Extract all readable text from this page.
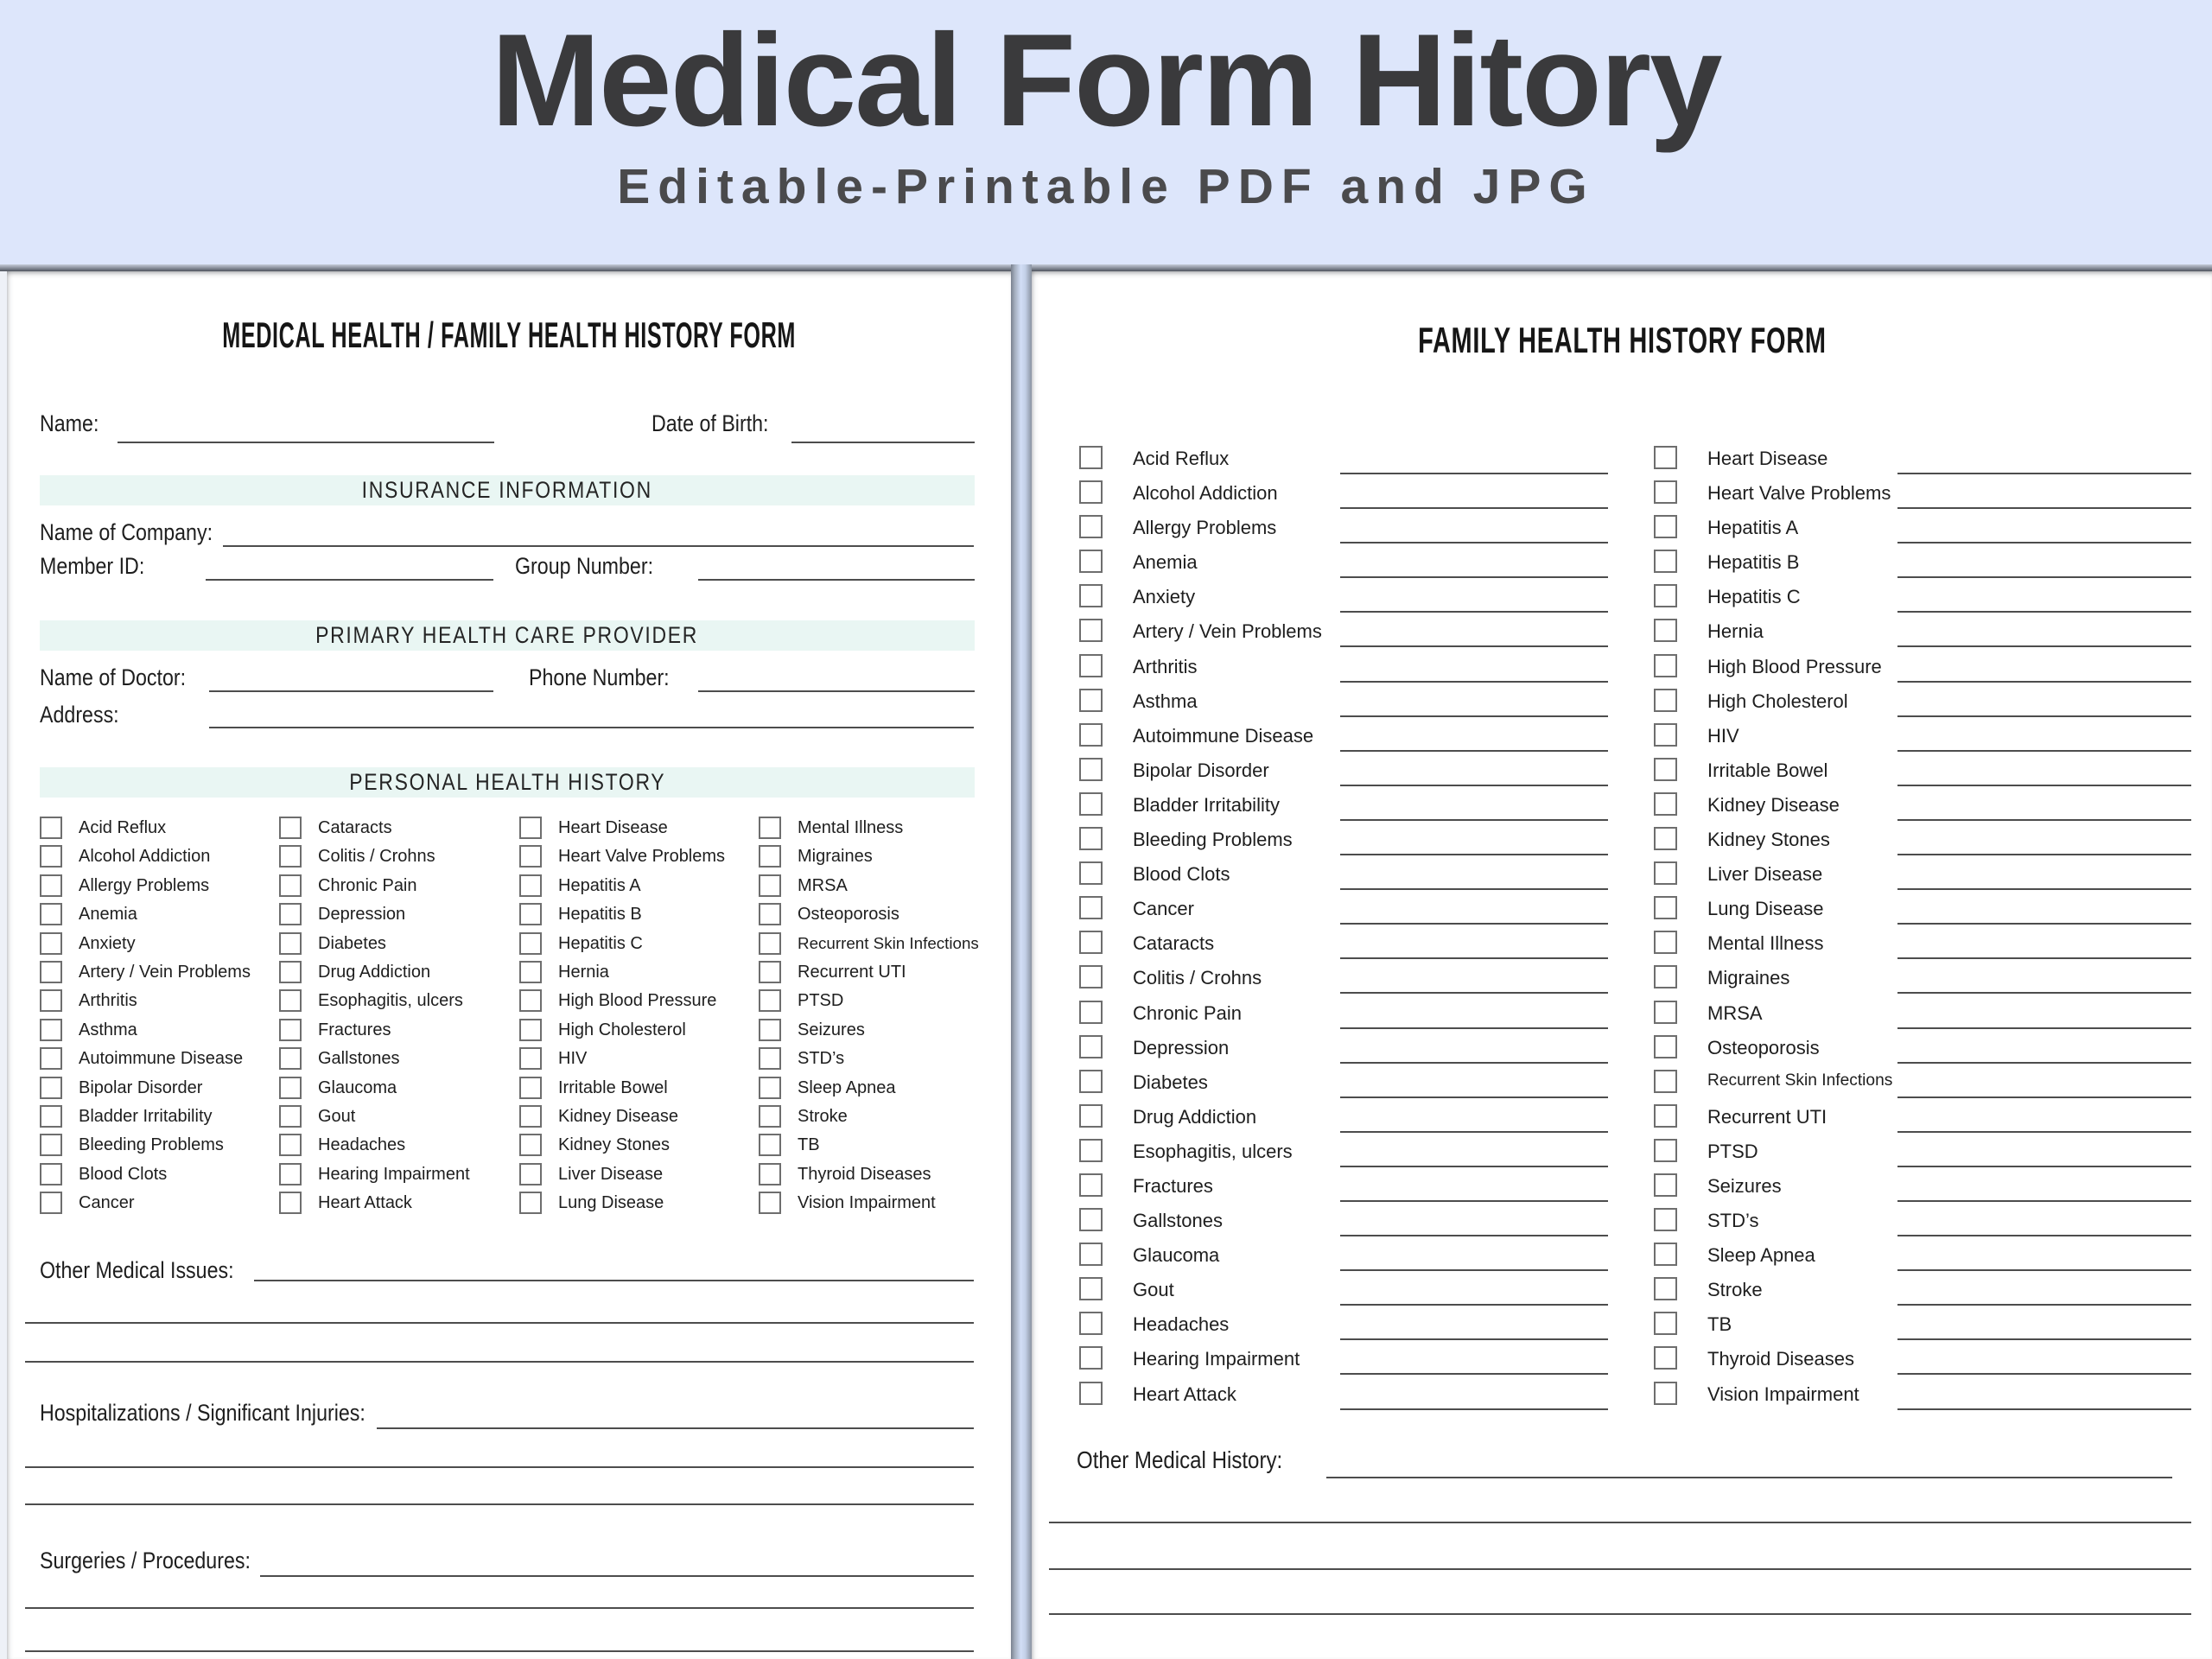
Medical Form Hitory
Editable-Printable PDF and JPG
MEDICAL HEALTH / FAMILY HEALTH HISTORY FORM
Name:	Date of Birth:
INSURANCE INFORMATION
Name of Company:
Member ID:	Group Number:
PRIMARY HEALTH CARE PROVIDER
Name of Doctor:	Phone Number:
Address:
PERSONAL HEALTH HISTORY
Acid Reflux
Alcohol Addiction
Allergy Problems
Anemia
Anxiety
Artery / Vein Problems
Arthritis
Asthma
Autoimmune Disease
Bipolar Disorder
Bladder Irritability
Bleeding Problems
Blood Clots
Cancer
Cataracts
Colitis / Crohns
Chronic Pain
Depression
Diabetes
Drug Addiction
Esophagitis, ulcers
Fractures
Gallstones
Glaucoma
Gout
Headaches
Hearing Impairment
Heart Attack
Heart Disease
Heart Valve Problems
Hepatitis A
Hepatitis B
Hepatitis C
Hernia
High Blood Pressure
High Cholesterol
HIV
Irritable Bowel
Kidney Disease
Kidney Stones
Liver Disease
Lung Disease
Mental Illness
Migraines
MRSA
Osteoporosis
Recurrent Skin Infections
Recurrent UTI
PTSD
Seizures
STD’s
Sleep Apnea
Stroke
TB
Thyroid Diseases
Vision Impairment
Other Medical Issues:
Hospitalizations / Significant Injuries:
Surgeries / Procedures:
FAMILY HEALTH HISTORY FORM
Acid Reflux
Alcohol Addiction
Allergy Problems
Anemia
Anxiety
Artery / Vein Problems
Arthritis
Asthma
Autoimmune Disease
Bipolar Disorder
Bladder Irritability
Bleeding Problems
Blood Clots
Cancer
Cataracts
Colitis / Crohns
Chronic Pain
Depression
Diabetes
Drug Addiction
Esophagitis, ulcers
Fractures
Gallstones
Glaucoma
Gout
Headaches
Hearing Impairment
Heart Attack
Heart Disease
Heart Valve Problems
Hepatitis A
Hepatitis B
Hepatitis C
Hernia
High Blood Pressure
High Cholesterol
HIV
Irritable Bowel
Kidney Disease
Kidney Stones
Liver Disease
Lung Disease
Mental Illness
Migraines
MRSA
Osteoporosis
Recurrent Skin Infections
Recurrent UTI
PTSD
Seizures
STD’s
Sleep Apnea
Stroke
TB
Thyroid Diseases
Vision Impairment
Other Medical History:
